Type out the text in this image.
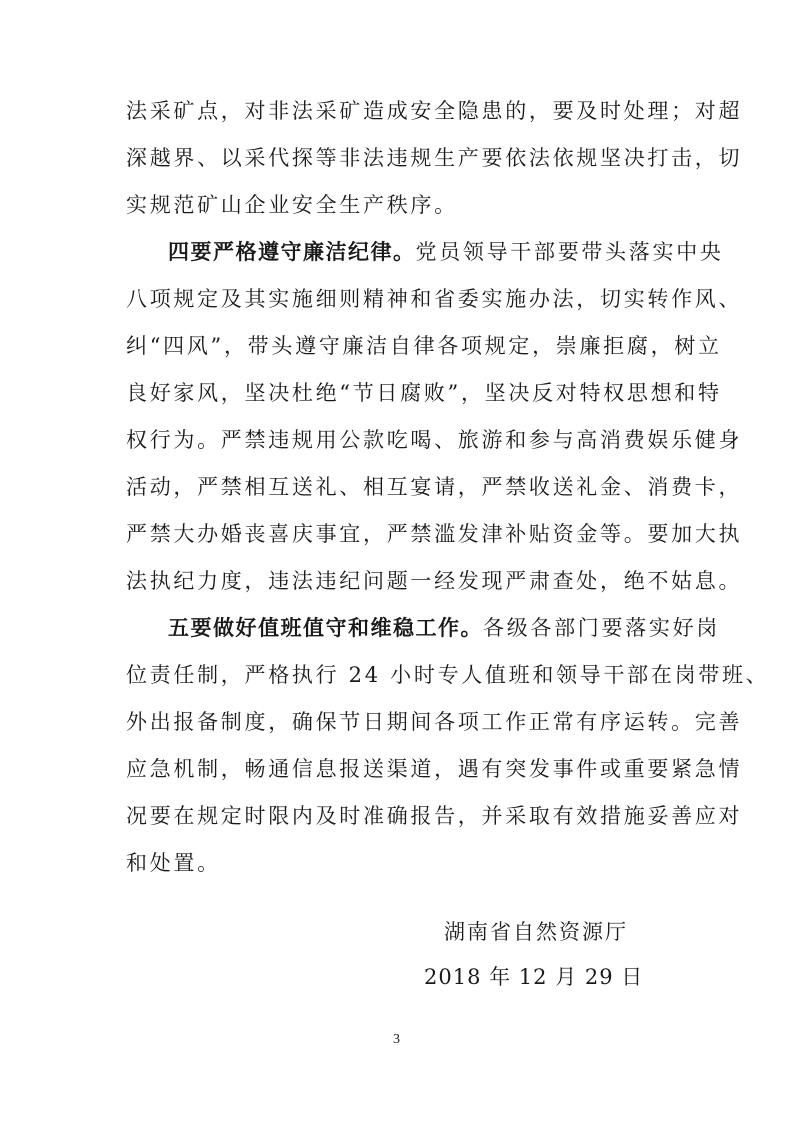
法采矿点，对非法采矿造成安全隐患的，要及时处理；对超
深越界、以采代探等非法违规生产要依法依规坚决打击，切
实规范矿山企业安全生产秩序。
四要严格遵守廉洁纪律。党员领导干部要带头落实中央
八项规定及其实施细则精神和省委实施办法，切实转作风、
纠“四风”，带头遵守廉洁自律各项规定，崇廉拒腐，树立
良好家风，坚决杜绝“节日腐败”，坚决反对特权思想和特
权行为。严禁违规用公款吃喝、旅游和参与高消费娱乐健身
活动，严禁相互送礼、相互宴请，严禁收送礼金、消费卡，
严禁大办婚丧喜庆事宜，严禁滥发津补贴资金等。要加大执
法执纪力度，违法违纪问题一经发现严肃查处，绝不姑息。
五要做好值班值守和维稳工作。各级各部门要落实好岗
位责任制，严格执行 24 小时专人值班和领导干部在岗带班、
外出报备制度，确保节日期间各项工作正常有序运转。完善
应急机制，畅通信息报送渠道，遇有突发事件或重要紧急情
况要在规定时限内及时准确报告，并采取有效措施妥善应对
和处置。
湖南省自然资源厅
2018 年 12 月 29 日
3
